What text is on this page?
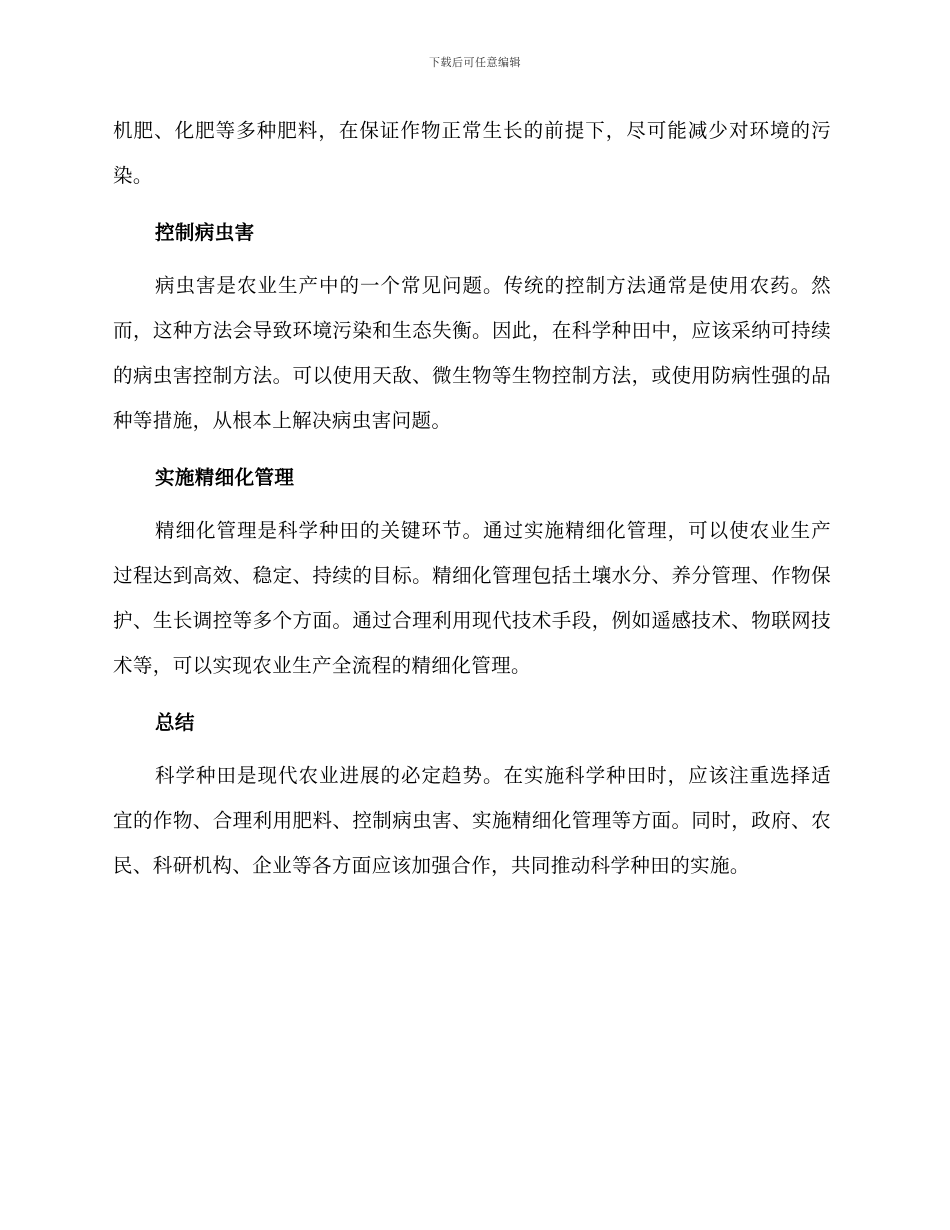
下载后可任意编辑

机肥、化肥等多种肥料，在保证作物正常生长的前提下，尽可能减少对环境的污染。

控制病虫害

病虫害是农业生产中的一个常见问题。传统的控制方法通常是使用农药。然而，这种方法会导致环境污染和生态失衡。因此，在科学种田中，应该采纳可持续的病虫害控制方法。可以使用天敌、微生物等生物控制方法，或使用防病性强的品种等措施，从根本上解决病虫害问题。

实施精细化管理

精细化管理是科学种田的关键环节。通过实施精细化管理，可以使农业生产过程达到高效、稳定、持续的目标。精细化管理包括土壤水分、养分管理、作物保护、生长调控等多个方面。通过合理利用现代技术手段，例如遥感技术、物联网技术等，可以实现农业生产全流程的精细化管理。

总结

科学种田是现代农业进展的必定趋势。在实施科学种田时，应该注重选择适宜的作物、合理利用肥料、控制病虫害、实施精细化管理等方面。同时，政府、农民、科研机构、企业等各方面应该加强合作，共同推动科学种田的实施。
